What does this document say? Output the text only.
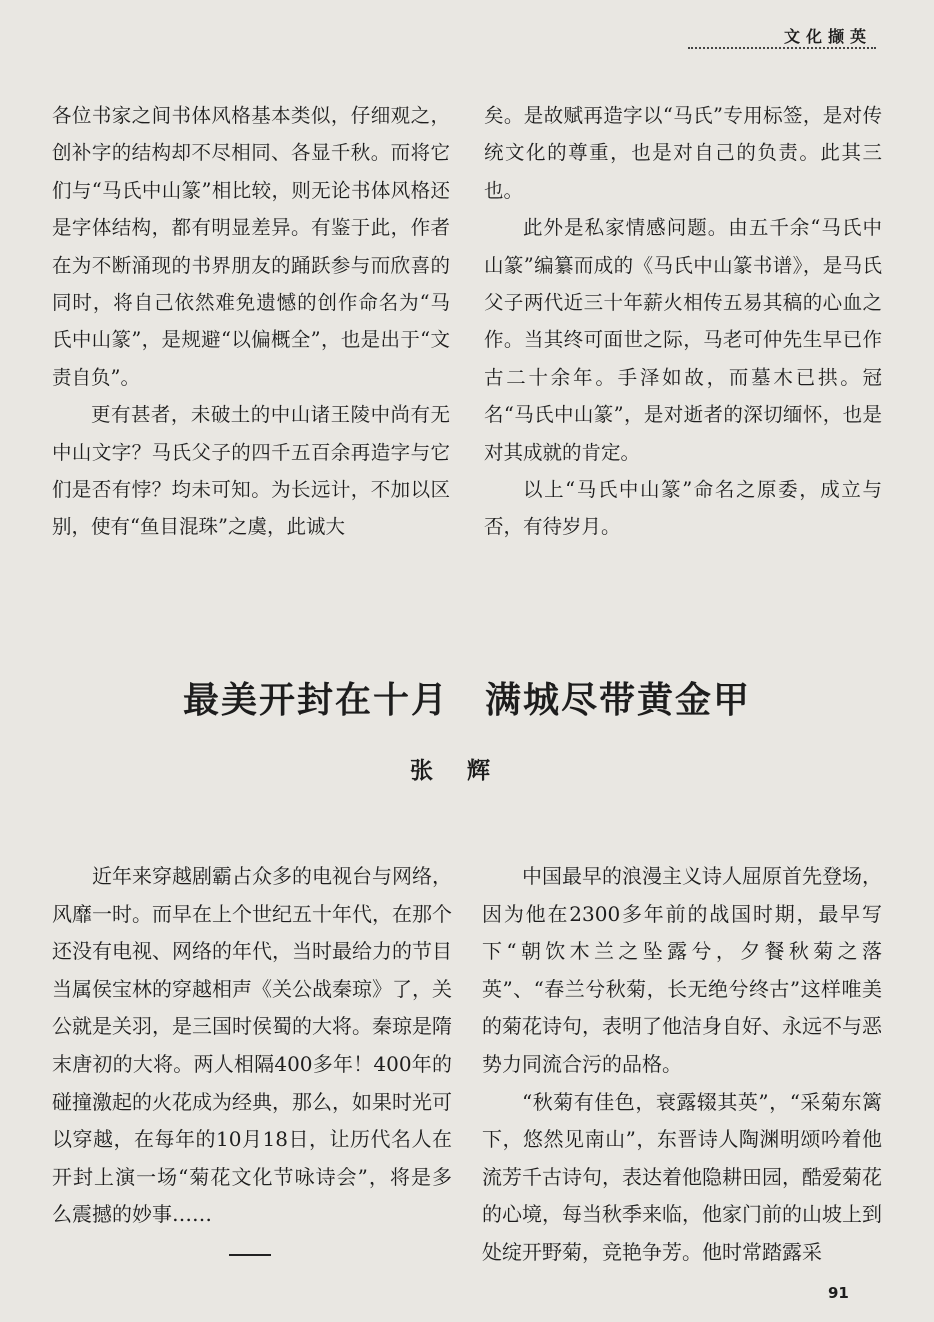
文化撷英

各位书家之间书体风格基本类似，仔细观之，创补字的结构却不尽相同、各显千秋。而将它们与“马氏中山篆”相比较，则无论书体风格还是字体结构，都有明显差异。有鉴于此，作者在为不断涌现的书界朋友的踊跃参与而欣喜的同时，将自己依然难免遗憾的创作命名为“马氏中山篆”，是规避“以偏概全”，也是出于“文责自负”。

更有甚者，未破土的中山诸王陵中尚有无中山文字？马氏父子的四千五百余再造字与它们是否有悖？均未可知。为长远计，不加以区别，使有“鱼目混珠”之虞，此诚大

矣。是故赋再造字以“马氏”专用标签，是对传统文化的尊重，也是对自己的负责。此其三也。

此外是私家情感问题。由五千余“马氏中山篆”编纂而成的《马氏中山篆书谱》，是马氏父子两代近三十年薪火相传五易其稿的心血之作。当其终可面世之际，马老可仲先生早已作古二十余年。手泽如故，而墓木已拱。冠名“马氏中山篆”，是对逝者的深切缅怀，也是对其成就的肯定。

以上“马氏中山篆”命名之原委，成立与否，有待岁月。

最美开封在十月 满城尽带黄金甲
张辉

近年来穿越剧霸占众多的电视台与网络，风靡一时。而早在上个世纪五十年代，在那个还没有电视、网络的年代，当时最给力的节目当属侯宝林的穿越相声《关公战秦琼》了，关公就是关羽，是三国时侯蜀的大将。秦琼是隋末唐初的大将。两人相隔400多年！400年的碰撞激起的火花成为经典，那么，如果时光可以穿越，在每年的10月18日，让历代名人在开封上演一场“菊花文化节咏诗会”，将是多么震撼的妙事……

中国最早的浪漫主义诗人屈原首先登场，因为他在2300多年前的战国时期，最早写下“朝饮木兰之坠露兮，夕餐秋菊之落英”、“春兰兮秋菊，长无绝兮终古”这样唯美的菊花诗句，表明了他洁身自好、永远不与恶势力同流合污的品格。

“秋菊有佳色，衰露辍其英”，“采菊东篱下，悠然见南山”，东晋诗人陶渊明颂吟着他流芳千古诗句，表达着他隐耕田园，酷爱菊花的心境，每当秋季来临，他家门前的山坡上到处绽开野菊，竞艳争芳。他时常踏露采

91
